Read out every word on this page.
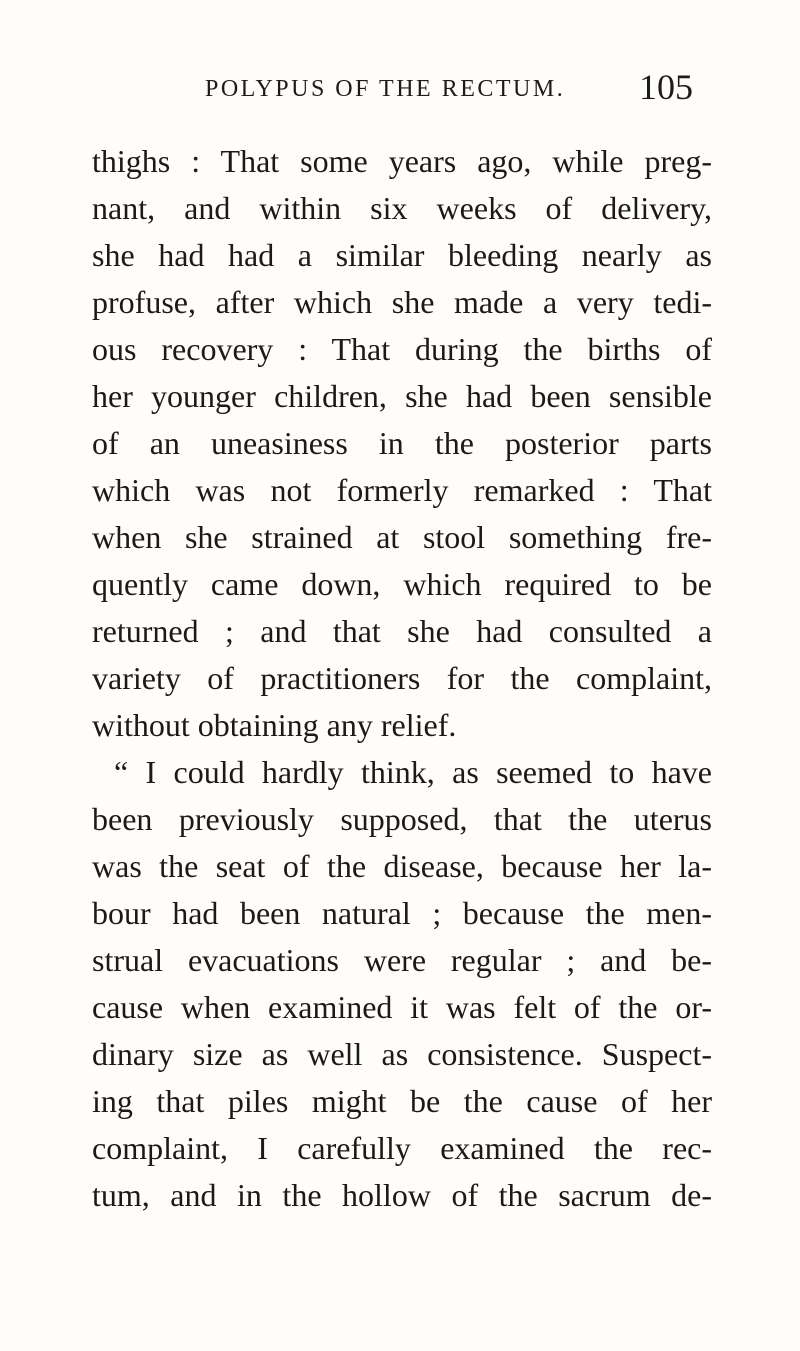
POLYPUS OF THE RECTUM. 105
thighs : That some years ago, while preg-
nant, and within six weeks of delivery,
she had had a similar bleeding nearly as
profuse, after which she made a very tedi-
ous recovery : That during the births of
her younger children, she had been sensible
of an uneasiness in the posterior parts
which was not formerly remarked : That
when she strained at stool something fre-
quently came down, which required to be
returned ; and that she had consulted a
variety of practitioners for the complaint,
without obtaining any relief.
“ I could hardly think, as seemed to have
been previously supposed, that the uterus
was the seat of the disease, because her la-
bour had been natural ; because the men-
strual evacuations were regular ; and be-
cause when examined it was felt of the or-
dinary size as well as consistence. Suspect-
ing that piles might be the cause of her
complaint, I carefully examined the rec-
tum, and in the hollow of the sacrum de-
